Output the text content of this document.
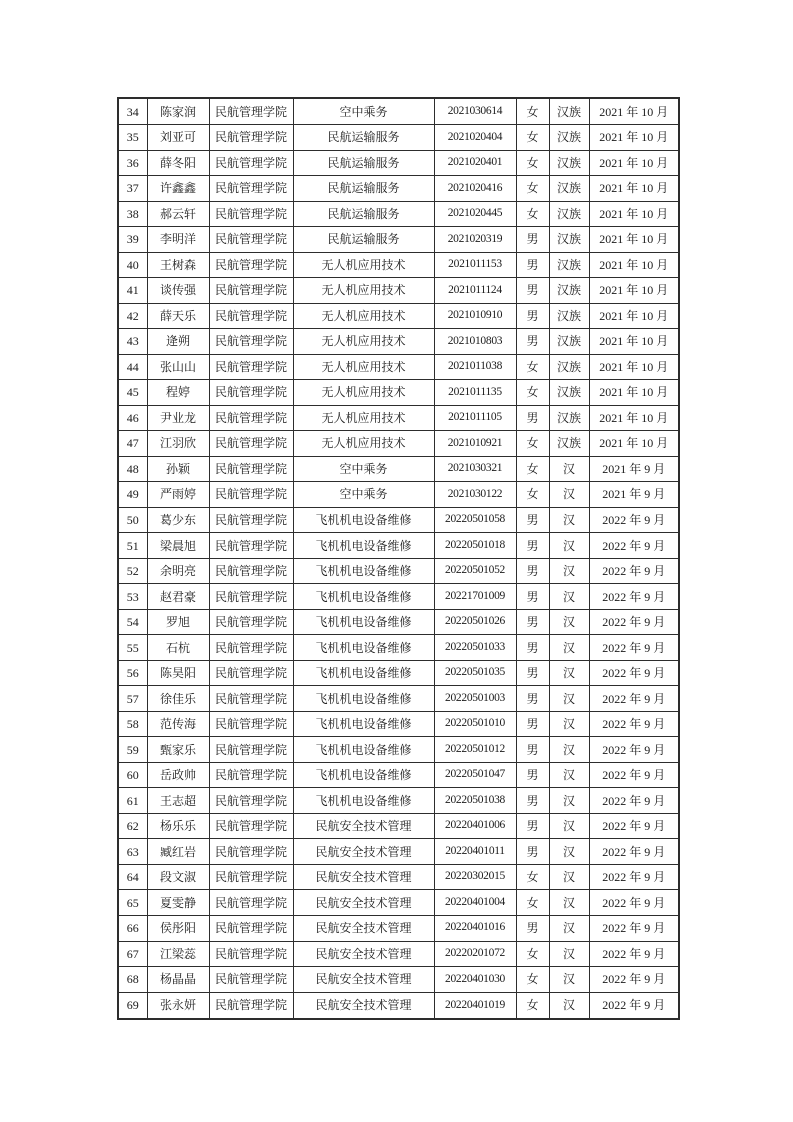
34	陈家润	民航管理学院	空中乘务	2021030614	女	汉族	2021 年 10 月
35	刘亚可	民航管理学院	民航运输服务	2021020404	女	汉族	2021 年 10 月
36	薛冬阳	民航管理学院	民航运输服务	2021020401	女	汉族	2021 年 10 月
37	许鑫鑫	民航管理学院	民航运输服务	2021020416	女	汉族	2021 年 10 月
38	郝云轩	民航管理学院	民航运输服务	2021020445	女	汉族	2021 年 10 月
39	李明洋	民航管理学院	民航运输服务	2021020319	男	汉族	2021 年 10 月
40	王树森	民航管理学院	无人机应用技术	2021011153	男	汉族	2021 年 10 月
41	谈传强	民航管理学院	无人机应用技术	2021011124	男	汉族	2021 年 10 月
42	薛天乐	民航管理学院	无人机应用技术	2021010910	男	汉族	2021 年 10 月
43	逄朔	民航管理学院	无人机应用技术	2021010803	男	汉族	2021 年 10 月
44	张山山	民航管理学院	无人机应用技术	2021011038	女	汉族	2021 年 10 月
45	程婷	民航管理学院	无人机应用技术	2021011135	女	汉族	2021 年 10 月
46	尹业龙	民航管理学院	无人机应用技术	2021011105	男	汉族	2021 年 10 月
47	江羽欣	民航管理学院	无人机应用技术	2021010921	女	汉族	2021 年 10 月
48	孙颖	民航管理学院	空中乘务	2021030321	女	汉	2021 年 9 月
49	严雨婷	民航管理学院	空中乘务	2021030122	女	汉	2021 年 9 月
50	葛少东	民航管理学院	飞机机电设备维修	20220501058	男	汉	2022 年 9 月
51	梁晨旭	民航管理学院	飞机机电设备维修	20220501018	男	汉	2022 年 9 月
52	余明亮	民航管理学院	飞机机电设备维修	20220501052	男	汉	2022 年 9 月
53	赵君豪	民航管理学院	飞机机电设备维修	20221701009	男	汉	2022 年 9 月
54	罗旭	民航管理学院	飞机机电设备维修	20220501026	男	汉	2022 年 9 月
55	石杭	民航管理学院	飞机机电设备维修	20220501033	男	汉	2022 年 9 月
56	陈昊阳	民航管理学院	飞机机电设备维修	20220501035	男	汉	2022 年 9 月
57	徐佳乐	民航管理学院	飞机机电设备维修	20220501003	男	汉	2022 年 9 月
58	范传海	民航管理学院	飞机机电设备维修	20220501010	男	汉	2022 年 9 月
59	甄家乐	民航管理学院	飞机机电设备维修	20220501012	男	汉	2022 年 9 月
60	岳政帅	民航管理学院	飞机机电设备维修	20220501047	男	汉	2022 年 9 月
61	王志超	民航管理学院	飞机机电设备维修	20220501038	男	汉	2022 年 9 月
62	杨乐乐	民航管理学院	民航安全技术管理	20220401006	男	汉	2022 年 9 月
63	臧红岩	民航管理学院	民航安全技术管理	20220401011	男	汉	2022 年 9 月
64	段文淑	民航管理学院	民航安全技术管理	20220302015	女	汉	2022 年 9 月
65	夏雯静	民航管理学院	民航安全技术管理	20220401004	女	汉	2022 年 9 月
66	侯彤阳	民航管理学院	民航安全技术管理	20220401016	男	汉	2022 年 9 月
67	江梁蕊	民航管理学院	民航安全技术管理	20220201072	女	汉	2022 年 9 月
68	杨晶晶	民航管理学院	民航安全技术管理	20220401030	女	汉	2022 年 9 月
69	张永妍	民航管理学院	民航安全技术管理	20220401019	女	汉	2022 年 9 月
